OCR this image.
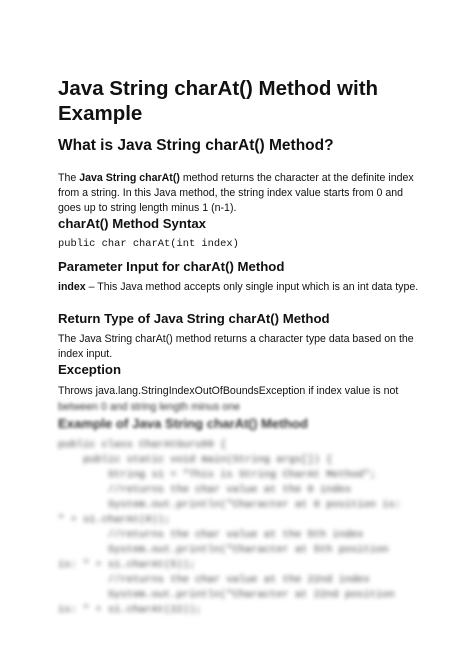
Java String charAt() Method with Example
What is Java String charAt() Method?

The Java String charAt() method returns the character at the definite index from a string. In this Java method, the string index value starts from 0 and goes up to string length minus 1 (n-1).

charAt() Method Syntax
public char charAt(int index)
Parameter Input for charAt() Method

index – This Java method accepts only single input which is an int data type.

Return Type of Java String charAt() Method

The Java String charAt() method returns a character type data based on the index input.

Exception

Throws java.lang.StringIndexOutOfBoundsException if index value is not

between 0 and string length minus one

Example of Java String charAt() Method
public class CharAtGuru99 {
public static void main(String args[]) {
String s1 = "This is String CharAt Method";
//returns the char value at the 0 index
System.out.println("Character at 0 position is:
" + s1.charAt(0));
//returns the char value at the 5th index
System.out.println("Character at 5th position
is: " + s1.charAt(5));
//returns the char value at the 22nd index
System.out.println("Character at 22nd position
is: " + s1.charAt(22));
